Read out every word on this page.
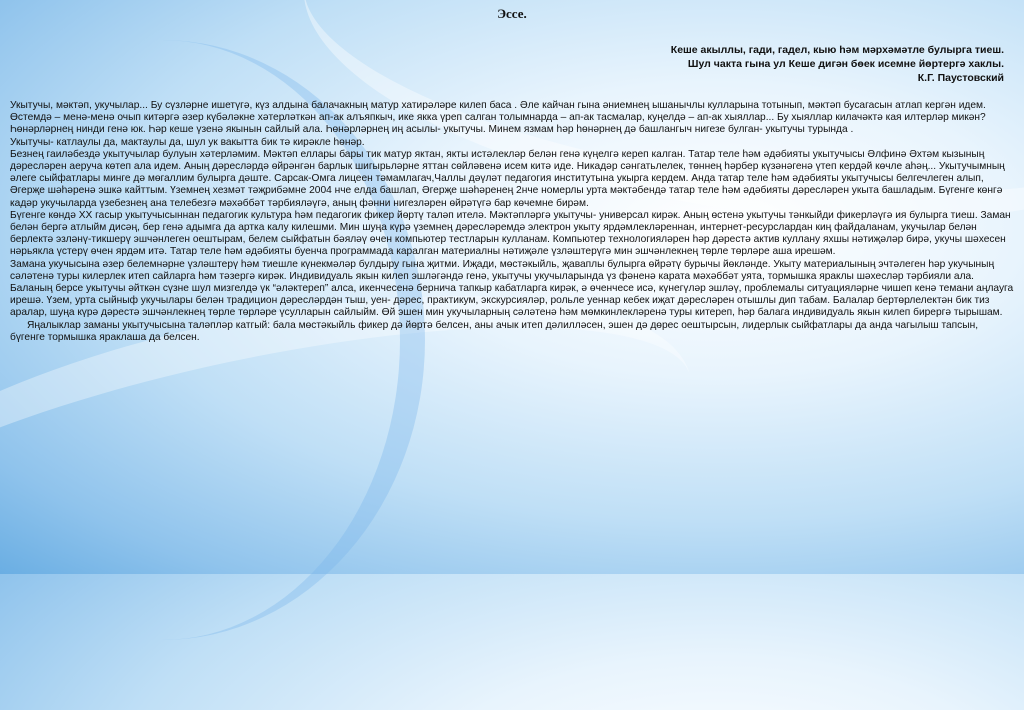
Эссе.
Кеше акыллы, гади, гадел, кыю һәм мәрхәмәтле булырга тиеш.
Шул чакта гына ул Кеше дигән бөек исемне йөртергә хаклы.
К.Г. Паустовский

Укытучы, мәктәп, укучылар... Бу сүзләрне ишетүгә, күз алдына балачакның матур хатирәләре килеп баса . Әле кайчан гына әниемнең ышанычлы кулларына тотынып, мәктәп бусагасын атлап кергән идем. Өстемдә – менә-менә очып китәргә әзер күбәләкне хәтерләткән ап-ак алъяпкыч, ике якка үреп салган толымнарда – ап-ак тасмалар, куңелдә – ап-ак хыяллар... Бу хыяллар килачәктә кая илтерләр микән?

Һөнәрләрнең нинди генә юк. Һәр кеше үзенә якынын сайлый ала. Һөнәрләрнең иң асылы- укытучы. Минем язмам һәр һөнәрнең дә башлангыч нигезе булган- укытучы турында .

Укытучы- катлаулы да, мактаулы да, шул ук вакытта бик тә кирәкле һөнәр.

Безнең гаиләбездә укытучылар булуын хәтерләмим. Мәктәп еллары бары тик матур яктан, якты истәлекләр белән генә күңелгә кереп калган. Татар теле һәм әдәбияты укытучысы Әлфинә Әхтәм кызының дәресләрен аеруча көтеп ала идем. Аның дәресләрдә өйрәнгән барлык шигырьләрне яттан сөйләвенә исем китә иде. Никадәр сәнгатьлелек, төннең һәрбер күзәнәгенә үтеп кердәй көчле аһәң... Укытучымның әлеге сыйфатлары минге дә мөгаллим булырга дәште. Сарсак-Омга лицеен тәмамлагач,Чаллы дәүләт педагогия институтына укырга кердем. Анда татар теле һәм әдәбияты укытучысы белгечлеген алып, Әгерҗе шәһәренә эшкә кайттым. Үземнең хезмәт тәҗрибәмне 2004 нче елда башлап, Әгерҗе шәһәренең 2нче номерлы урта мәктәбендә татар теле һәм әдәбияты дәресләрен укыта башладым. Бүгенге көнгә кадәр укучыларда үзебезнең ана телебезгә мәхәббәт тәрбияләүгә, аның фәнни нигезләрен өйрәтүгә бар көчемне бирәм.

Бүгенге көндә ХХ гасыр укытучысыннан педагогик культура һәм педагогик фикер йөртү таләп ителә. Мәктәпләргә укытучы- универсал кирәк. Аның өстенә укытучы тәнкыйди фикерләүгә ия булырга тиеш. Заман белән бергә атлыйм дисәң, бер генә адымга да артка калу килешми. Мин шуңа күрә үземнең дәресләремдә электрон укыту ярдәмлекләреннан, интернет-ресурслардан киң файдаланам, укучылар белән берлектә эзләнү-тикшерү эшчәнлеген оештырам, белем сыйфатын бәяләү өчен компьютер тестларын кулланам. Компьютер технологияләрен һәр дәрестә актив куллану яхшы нәтиҗәләр бирә, укучы шәхесен нәрьякла үстерү өчен ярдәм итә. Татар теле һәм әдәбияты буенча программада каралган материалны нәтиҗәле үзләштерүгә мин эшчәнлекнең төрле төрләре аша ирешәм.

Замана укучысына әзер белемнәрне үзләштерү һәм тиешле күнекмәләр булдыру гына җитми. Иҗади, мөстәкыйль, җаваплы булырга өйрәтү бурычы йөкләнде. Укыту материалының эчтәлеген һәр укучының сәләтенә туры килерлек итеп сайларга һәм тәзергә кирәк. Индивидуаль якын килеп эшләгәндә генә, укытучы укучыларында үз фәненә карата мәхәббәт уята, тормышка яраклы шәхесләр тәрбияли ала. Баланың берсе укытучы әйткән сүзне шул мизгелдә үк “әләктереп” алса, икенчесенә бернича тапкыр кабатларга кирәк, ә өченчесе исә, күнегүләр эшләү, проблемалы ситуацияләрне чишеп кенә темани аңлауга ирешә. Үзем, урта сыйныф укучылары белән традицион дәресләрдән тыш, уен- дәрес, практикум, экскурсияләр, рольле уеннар кебек иҗат дәресләрен отышлы дип табам. Балалар бертөрлелектән бик тиз аралар, шуңа күрә дәрестә эшчәнлекнең төрле төрләре үсулларын сайлыйм. Өй эшен мин укучыларның сәләтенә һәм мөмкинлекләренә туры китереп, һәр балага индивидуаль якын килеп бирергә тырышам.

Яңалыклар заманы укытучысына таләпләр катгый: бала мөстәкыйль фикер дә йөртә белсен, аны ачык итеп дәлилләсен, эшен дә дөрес оештырсын, лидерлык сыйфатлары да анда чагылыш тапсын, бүгенге тормышка яраклаша да белсен.
